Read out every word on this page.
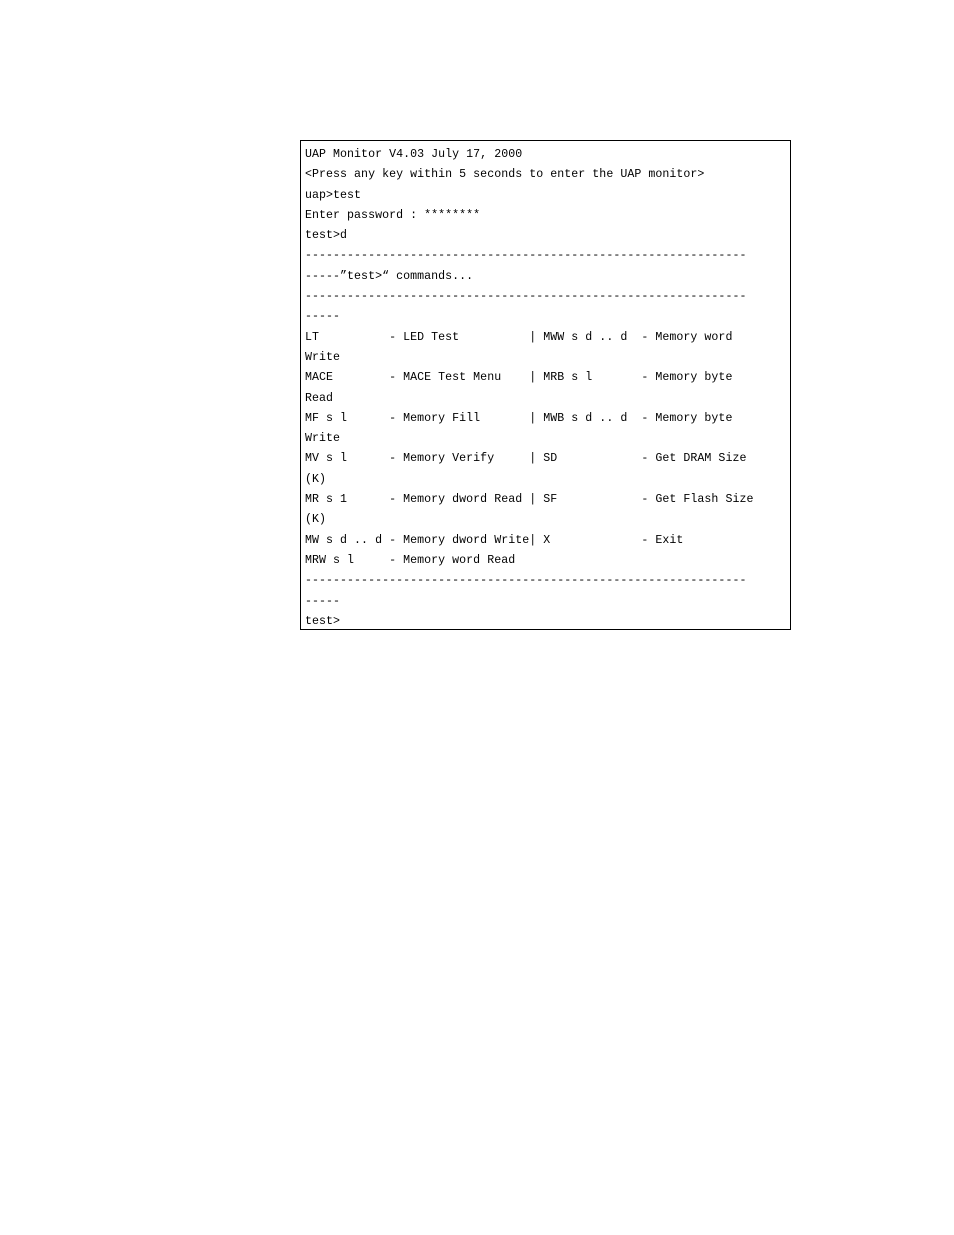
UAP Monitor V4.03 July 17, 2000
<Press any key within 5 seconds to enter the UAP monitor>
uap>test
Enter password : ********
test>d
---------------------------------------------------------------
-----”test>“ commands...
---------------------------------------------------------------
-----
LT          - LED Test          | MWW s d .. d  - Memory word
Write
MACE        - MACE Test Menu    | MRB s l       - Memory byte
Read
MF s l      - Memory Fill       | MWB s d .. d  - Memory byte
Write
MV s l      - Memory Verify     | SD            - Get DRAM Size
(K)
MR s 1      - Memory dword Read | SF            - Get Flash Size
(K)
MW s d .. d - Memory dword Write| X             - Exit
MRW s l     - Memory word Read
---------------------------------------------------------------
-----
test>
